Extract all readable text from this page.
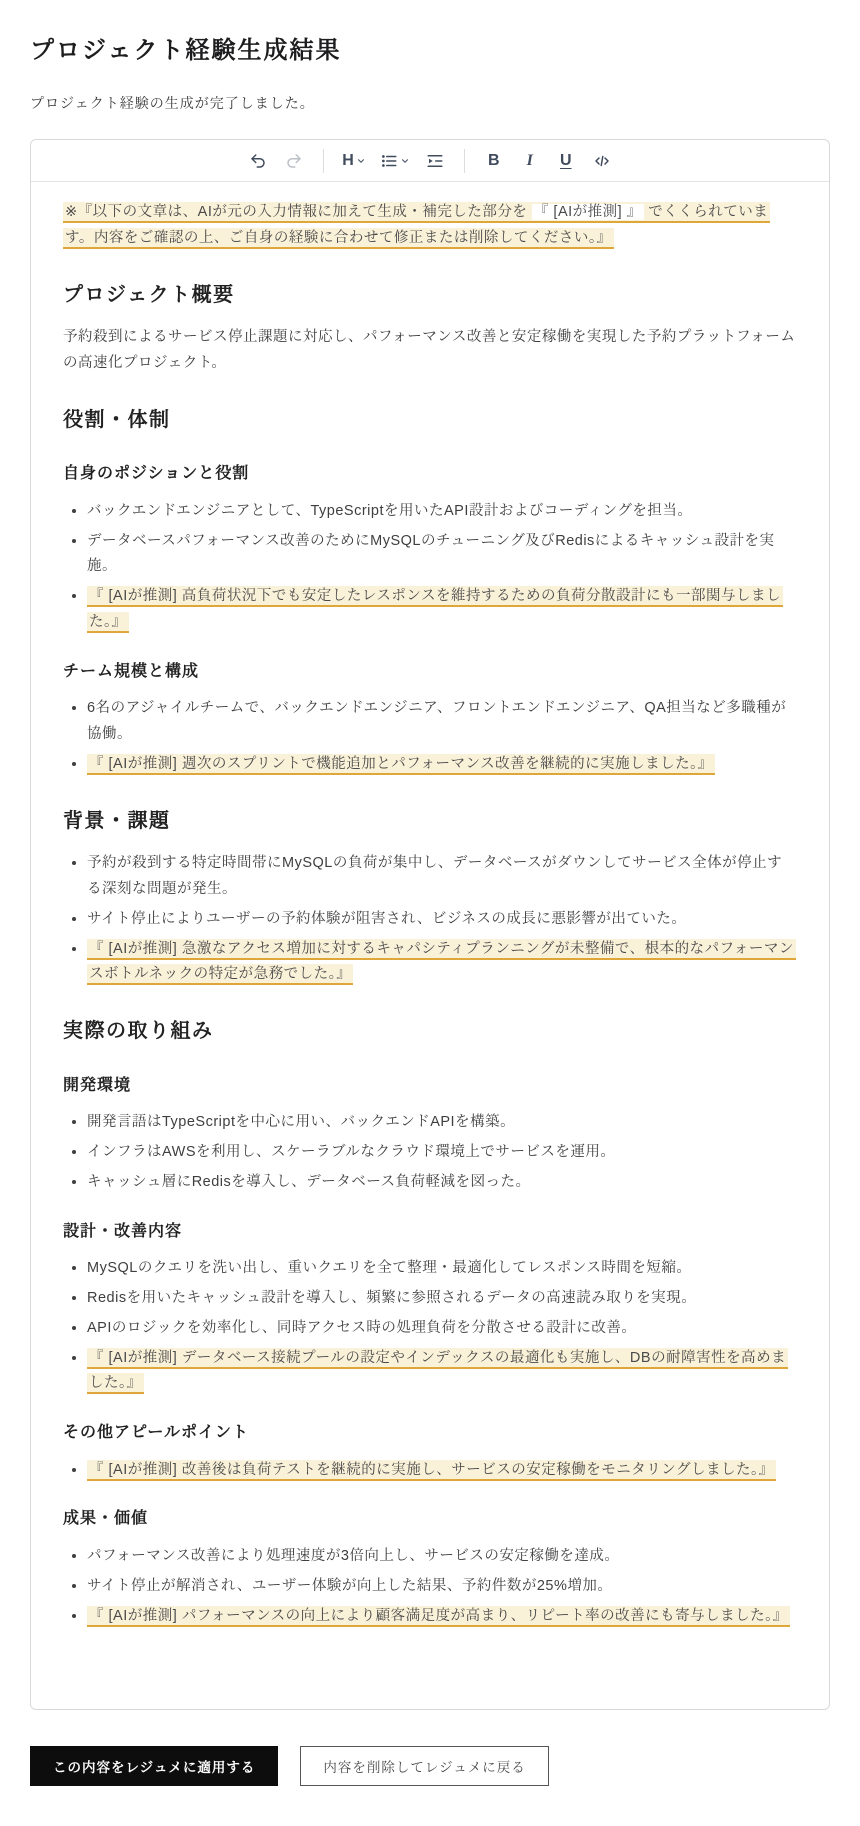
プロジェクト経験生成結果

プロジェクト経験の生成が完了しました。

H	B I U

※『以下の文章は、AIが元の入力情報に加えて生成・補完した部分を 『 [AIが推測] 』 でくくられています。内容をご確認の上、ご自身の経験に合わせて修正または削除してください。』

プロジェクト概要

予約殺到によるサービス停止課題に対応し、パフォーマンス改善と安定稼働を実現した予約プラットフォームの高速化プロジェクト。

役割・体制
自身のポジションと役割
• バックエンドエンジニアとして、TypeScriptを用いたAPI設計およびコーディングを担当。
• データベースパフォーマンス改善のためにMySQLのチューニング及びRedisによるキャッシュ設計を実施。
• 『 [AIが推測] 高負荷状況下でも安定したレスポンスを維持するための負荷分散設計にも一部関与しました。』
チーム規模と構成
• 6名のアジャイルチームで、バックエンドエンジニア、フロントエンドエンジニア、QA担当など多職種が協働。
• 『 [AIが推測] 週次のスプリントで機能追加とパフォーマンス改善を継続的に実施しました。』
背景・課題
• 予約が殺到する特定時間帯にMySQLの負荷が集中し、データベースがダウンしてサービス全体が停止する深刻な問題が発生。
• サイト停止によりユーザーの予約体験が阻害され、ビジネスの成長に悪影響が出ていた。
• 『 [AIが推測] 急激なアクセス増加に対するキャパシティプランニングが未整備で、根本的なパフォーマンスボトルネックの特定が急務でした。』
実際の取り組み
開発環境
• 開発言語はTypeScriptを中心に用い、バックエンドAPIを構築。
• インフラはAWSを利用し、スケーラブルなクラウド環境上でサービスを運用。
• キャッシュ層にRedisを導入し、データベース負荷軽減を図った。
設計・改善内容
• MySQLのクエリを洗い出し、重いクエリを全て整理・最適化してレスポンス時間を短縮。
• Redisを用いたキャッシュ設計を導入し、頻繁に参照されるデータの高速読み取りを実現。
• APIのロジックを効率化し、同時アクセス時の処理負荷を分散させる設計に改善。
• 『 [AIが推測] データベース接続プールの設定やインデックスの最適化も実施し、DBの耐障害性を高めました。』
その他アピールポイント
• 『 [AIが推測] 改善後は負荷テストを継続的に実施し、サービスの安定稼働をモニタリングしました。』
成果・価値
• パフォーマンス改善により処理速度が3倍向上し、サービスの安定稼働を達成。
• サイト停止が解消され、ユーザー体験が向上した結果、予約件数が25%増加。
• 『 [AIが推測] パフォーマンスの向上により顧客満足度が高まり、リピート率の改善にも寄与しました。』
この内容をレジュメに適用する	内容を削除してレジュメに戻る
